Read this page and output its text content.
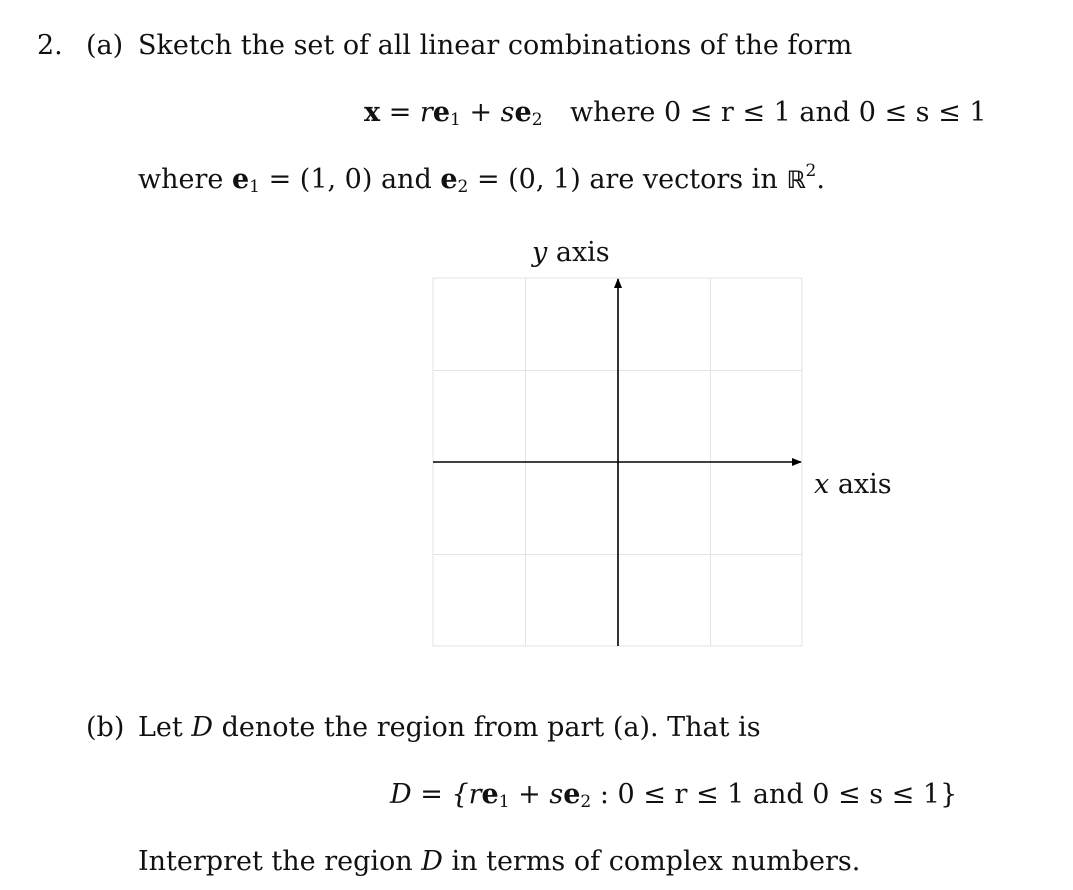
2. (a) Sketch the set of all linear combinations of the form
$x = re_1 + se_2$ where 0 ≤ r ≤ 1 and 0 ≤ s ≤ 1
where $e_1 = (1$, 0) and $e_2 = (0$, 1) are vectors in ℝ$^2$.
y axis
x axis
(b) Let D denote the region from part (a). That is
$D = \{re_1 + se_2$ : 0 ≤ r ≤ 1 and 0 ≤ s ≤ 1}
Interpret the region D in terms of complex numbers.
